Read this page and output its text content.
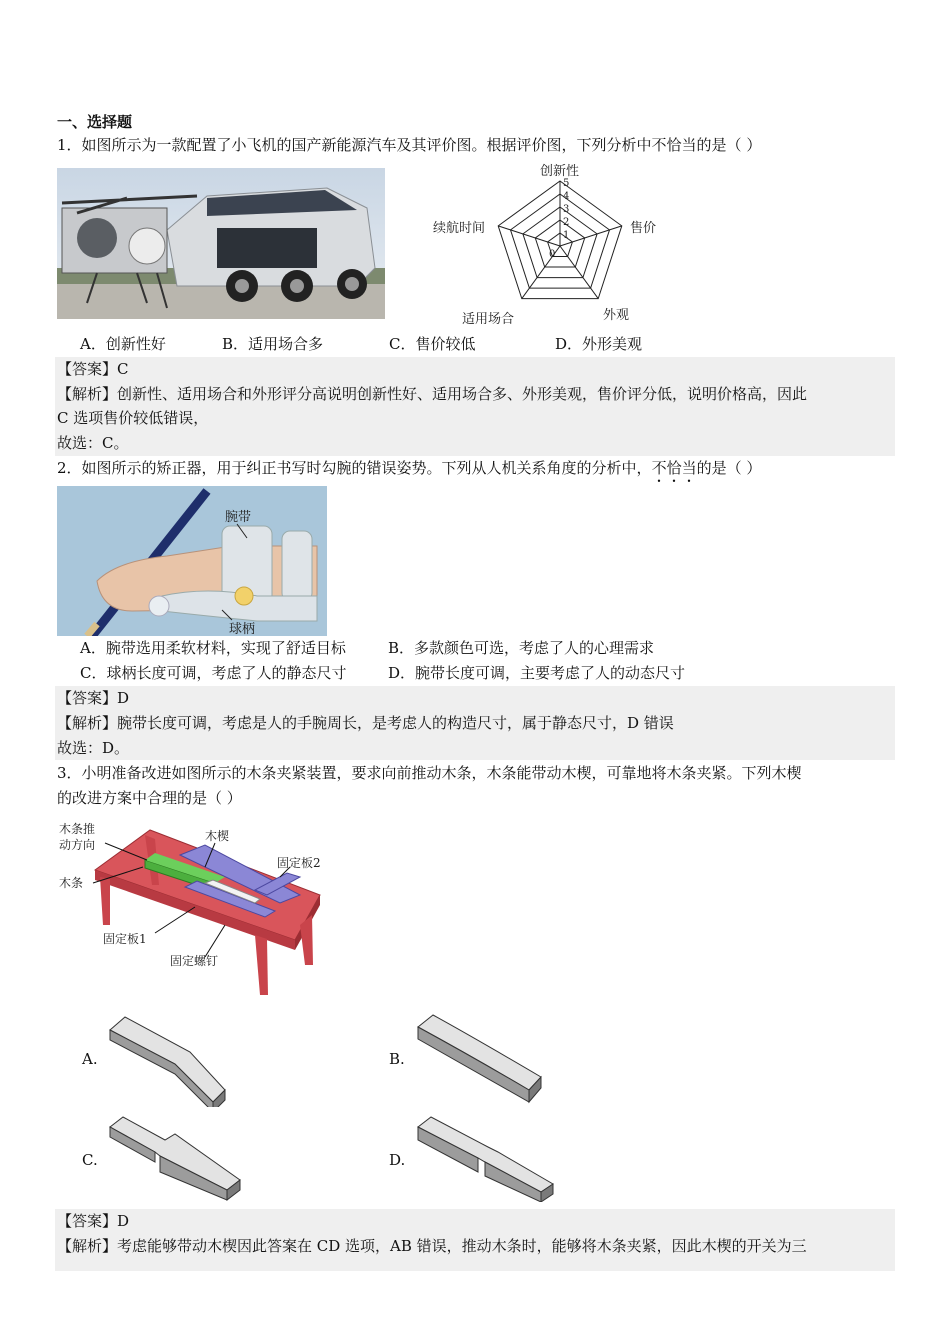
一、选择题
1．如图所示为一款配置了小飞机的国产新能源汽车及其评价图。根据评价图，下列分析中不恰当的是（ ）
5
4
3
2
1
0
创新性
售价
外观
适用场合
续航时间
A．创新性好	B．适用场合多	C．售价较低	D．外形美观
【答案】C
【解析】创新性、适用场合和外形评分高说明创新性好、适用场合多、外形美观，售价评分低，说明价格高，因此
C 选项售价较低错误，
故选：C。
2．如图所示的矫正器，用于纠正书写时勾腕的错误姿势。下列从人机关系角度的分析中，不恰当的是（ ）
腕带
球柄
A．腕带选用柔软材料，实现了舒适目标	B．多款颜色可选，考虑了人的心理需求
C．球柄长度可调，考虑了人的静态尺寸	D．腕带长度可调，主要考虑了人的动态尺寸
【答案】D
【解析】腕带长度可调，考虑是人的手腕周长，是考虑人的构造尺寸，属于静态尺寸，D 错误
故选：D。
3．小明准备改进如图所示的木条夹紧装置，要求向前推动木条，木条能带动木楔，可靠地将木条夹紧。下列木楔
的改进方案中合理的是（ ）
木条推
动方向
木条
木楔
固定板2
固定板1
固定螺钉
A.	B.
C.	D.
【答案】D
【解析】考虑能够带动木楔因此答案在 CD 选项，AB 错误，推动木条时，能够将木条夹紧，因此木楔的开关为三
